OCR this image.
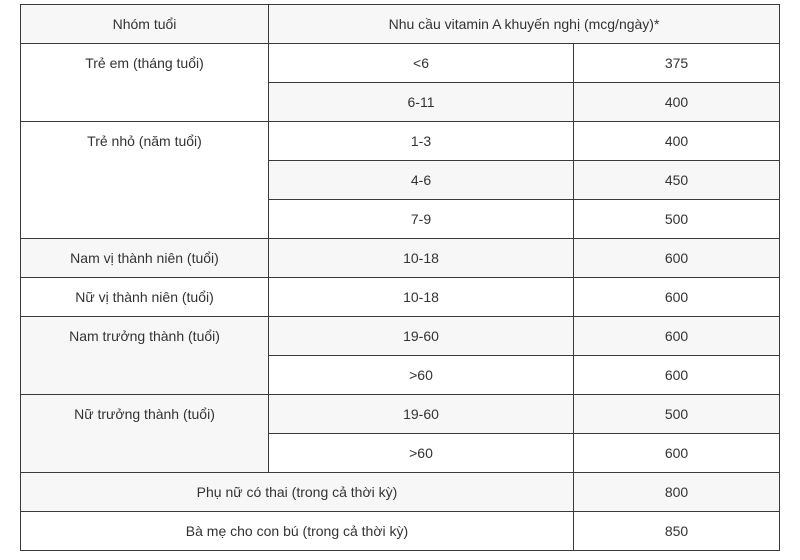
Nhóm tuổi	Nhu cầu vitamin A khuyến nghị (mcg/ngày)*	
Trẻ em (tháng tuổi)	<6	375
	6-11	400
Trẻ nhỏ (năm tuổi)	1-3	400
	4-6	450
	7-9	500
Nam vị thành niên (tuổi)	10-18	600
Nữ vị thành niên (tuổi)	10-18	600
Nam trưởng thành (tuổi)	19-60	600
	>60	600
Nữ trưởng thành (tuổi)	19-60	500
	>60	600
Phụ nữ có thai (trong cả thời kỳ)		800
Bà mẹ cho con bú (trong cả thời kỳ)		850
